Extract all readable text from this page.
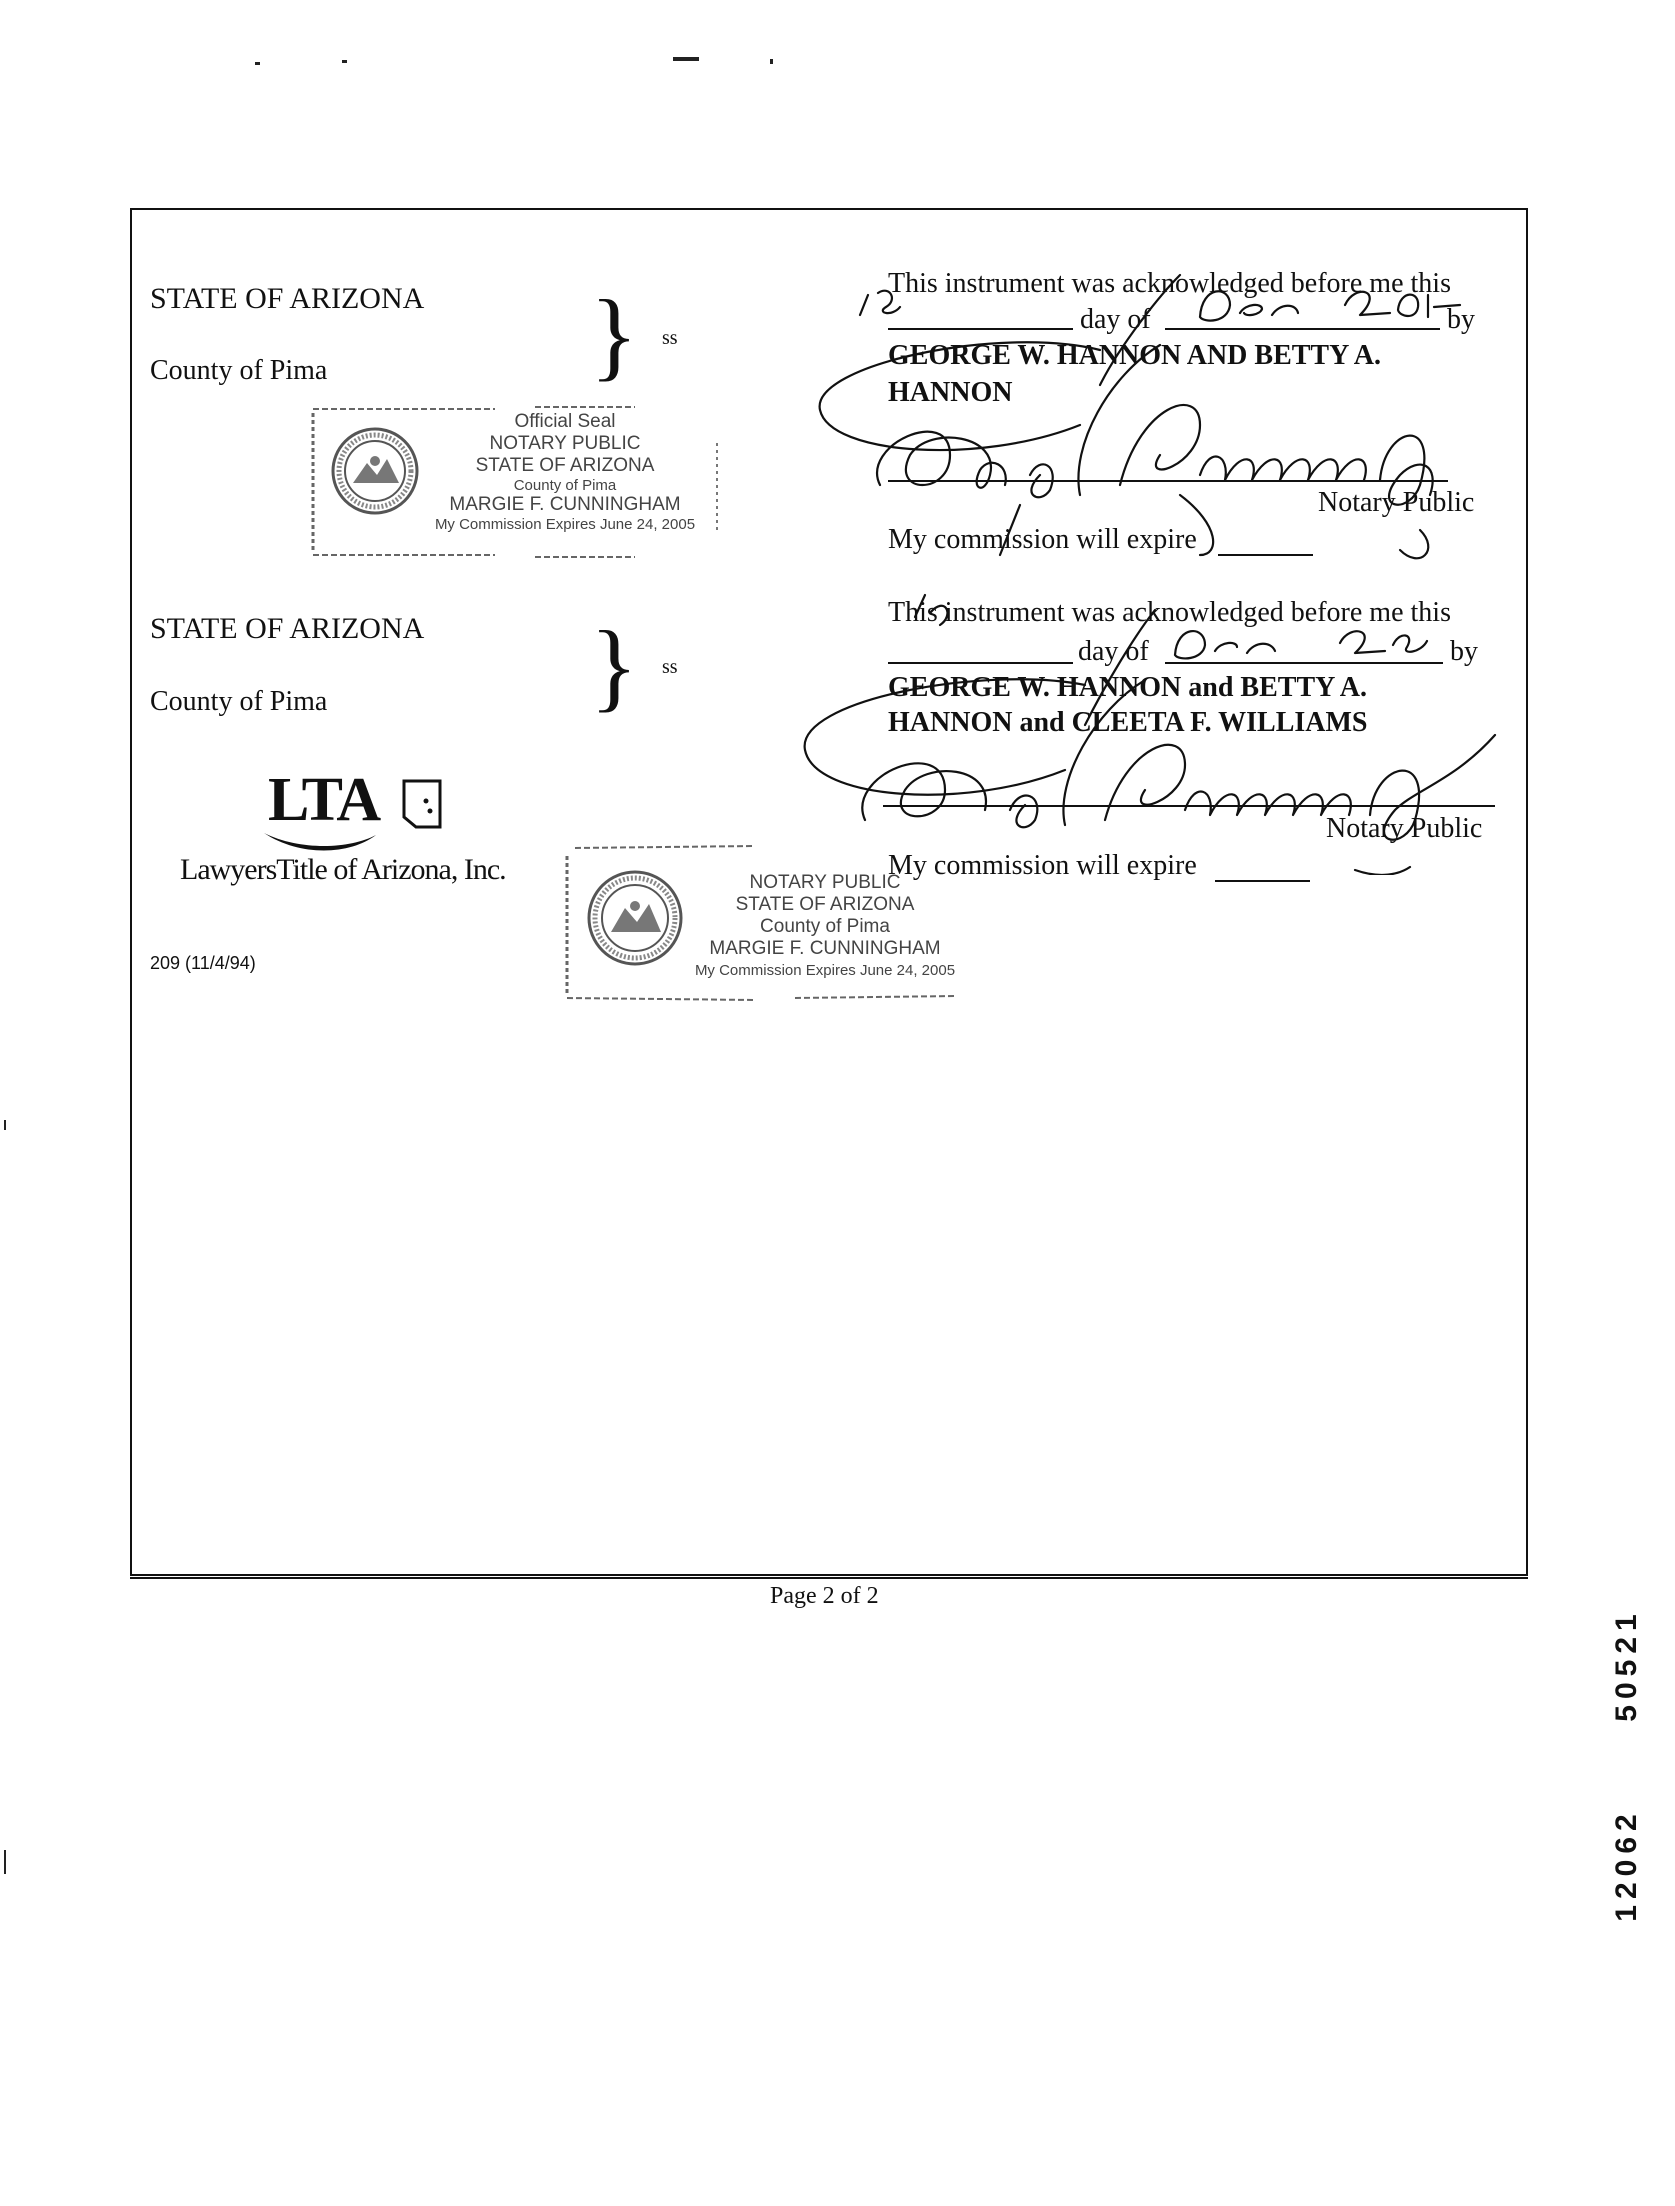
STATE OF ARIZONA
County of Pima	} ss
Official Seal
NOTARY PUBLIC
STATE OF ARIZONA
County of Pima
MARGIE F. CUNNINGHAM
My Commission Expires June 24, 2005
This instrument was acknowledged before me this
day of	by
GEORGE W. HANNON AND BETTY A.
HANNON
Notary Public
My commission will expire
STATE OF ARIZONA
County of Pima	} ss
LTA
LawyersTitle of Arizona, Inc.
209 (11/4/94)
NOTARY PUBLIC
STATE OF ARIZONA
County of Pima
MARGIE F. CUNNINGHAM
My Commission Expires June 24, 2005
This instrument was acknowledged before me this
day of	by
GEORGE W. HANNON and BETTY A.
HANNON and CLEETA F. WILLIAMS
Notary Public
My commission will expire
Page 2 of 2
50521
12062
